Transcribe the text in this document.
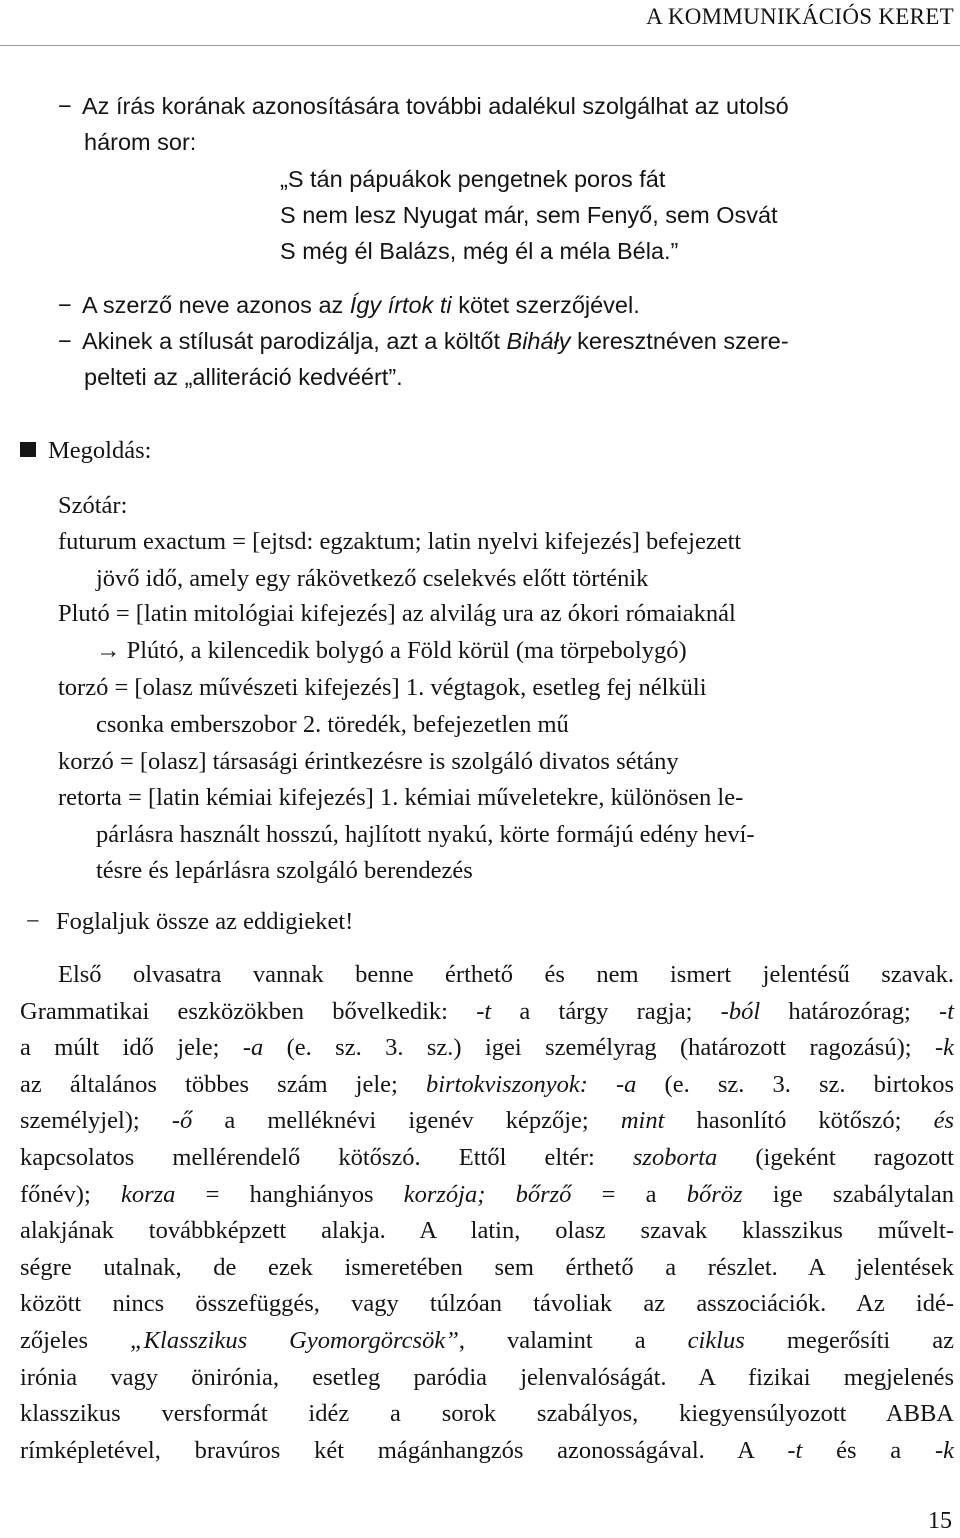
A KOMMUNIKÁCIÓS KERET

− Az írás korának azonosítására további adalékul szolgálhat az utolsó

három sor:

„S tán pápuákok pengetnek poros fát

S nem lesz Nyugat már, sem Fenyő, sem Osvát

S még él Balázs, még él a méla Béla.”

− A szerző neve azonos az Így írtok ti kötet szerzőjével.

− Akinek a stílusát parodizálja, azt a költőt Biháły keresztnéven szere-

pelteti az „alliteráció kedvéért”.

Megoldás:

Szótár:

futurum exactum = [ejtsd: egzaktum; latin nyelvi kifejezés] befejezett
jövő idő, amely egy rákövetkező cselekvés előtt történik
Plutó = [latin mitológiai kifejezés] az alvilág ura az ókori rómaiaknál
→ Plútó, a kilencedik bolygó a Föld körül (ma törpebolygó)
torzó = [olasz művészeti kifejezés] 1. végtagok, esetleg fej nélküli
csonka emberszobor 2. töredék, befejezetlen mű
korzó = [olasz] társasági érintkezésre is szolgáló divatos sétány
retorta = [latin kémiai kifejezés] 1. kémiai műveletekre, különösen le-
párlásra használt hosszú, hajlított nyakú, körte formájú edény heví-
tésre és lepárlásra szolgáló berendezés

− Foglaljuk össze az eddigieket!

Első olvasatra vannak benne érthető és nem ismert jelentésű szavak.
Grammatikai eszközökben bővelkedik: -t a tárgy ragja; -ból határozórag; -t
a múlt idő jele; -a (e. sz. 3. sz.) igei személyrag (határozott ragozású); -k
az általános többes szám jele; birtokviszonyok: -a (e. sz. 3. sz. birtokos
személyjel); -ő a melléknévi igenév képzője; mint hasonlító kötőszó; és
kapcsolatos mellérendelő kötőszó. Ettől eltér: szoborta (igeként ragozott
főnév); korza = hanghiányos korzója; bőrző = a bőröz ige szabálytalan
alakjának továbbképzett alakja. A latin, olasz szavak klasszikus művelt-
ségre utalnak, de ezek ismeretében sem érthető a részlet. A jelentések
között nincs összefüggés, vagy túlzóan távoliak az asszociációk. Az idé-
zőjeles „Klasszikus Gyomorgörcsök”, valamint a ciklus megerősíti az
irónia vagy önirónia, esetleg paródia jelenvalóságát. A fizikai megjelenés
klasszikus versformát idéz a sorok szabályos, kiegyensúlyozott ABBA
rímképletével, bravúros két mágánhangzós azonosságával. A -t és a -k
15
